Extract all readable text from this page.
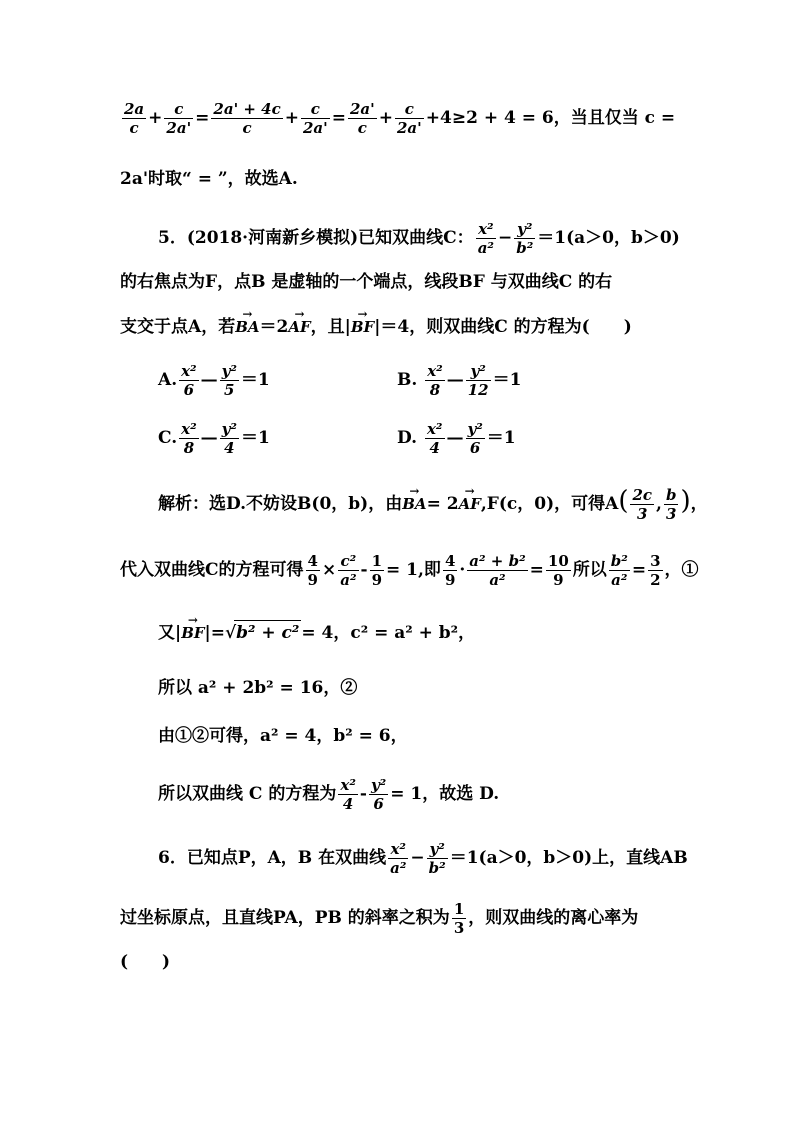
$\frac{2a}{c} + \frac{c}{2a'} = \frac{2a' + 4c}{c} + \frac{c}{2a'} = \frac{2a'}{c} + \frac{c}{2a'} +4\ge 2 + 4 = 6$，当且仅当 c =
2a'时取“ = ”，故选A.
5．(2018·河南新乡模拟)已知双曲线C： $\frac{\text{x²}}{\text{a²}} - \frac{\text{y²}}{\text{b²}} =1(a>0$，b＞0)
的右焦点为F，点B 是虚轴的一个端点，线段BF 与双曲线C 的右
支交于点A，若→ BA＝2→ AF，且|→ BF|＝4，则双曲线C 的方程为(　　)
A. $\frac{\text{x²}}{6}$ — $\frac{\text{y²}}{5} =1$	B. $\frac{\text{x²}}{8}$ — $\frac{\text{y²}}{12} =1$
C. $\frac{\text{x²}}{8}$ — $\frac{\text{y²}}{4} =1$	D. $\frac{\text{x²}}{4}$ — $\frac{\text{y²}}{6} =1$
解析：选D.不妨设B(0，b)，由→ BA= 2→ AF,F(c，0)，可得$A( \frac{2c}{3}$ , $\frac{b}{3}$ )，
代入双曲线C的方程可得 $\frac{4}{9} \times \frac{\text{c²}}{\text{a²}} - \frac{1}{9} = 1$,即 $\frac{4}{9} \cdot \frac{\text{a² + b²}}{\text{a²}} = \frac{10}{9}$ 所以 $\frac{\text{b²}}{\text{a²}} = \frac{3}{2}$ ，①
又|→ BF|=√b² + c² = 4，c² = a² + b²，
所以 a² + 2b² = 16，②
由①②可得，a² = 4，b² = 6，
所以双曲线 C 的方程为 $\frac{\text{x²}}{4} - \frac{\text{y²}}{6} = 1$，故选 D.
6．已知点P，A，B 在双曲线 $\frac{\text{x²}}{\text{a²}} - \frac{\text{y²}}{\text{b²}} =1(a>0$，b＞0)上，直线AB
过坐标原点，且直线PA，PB 的斜率之积为 $\frac{1}{3}$ ，则双曲线的离心率为
(　　)
